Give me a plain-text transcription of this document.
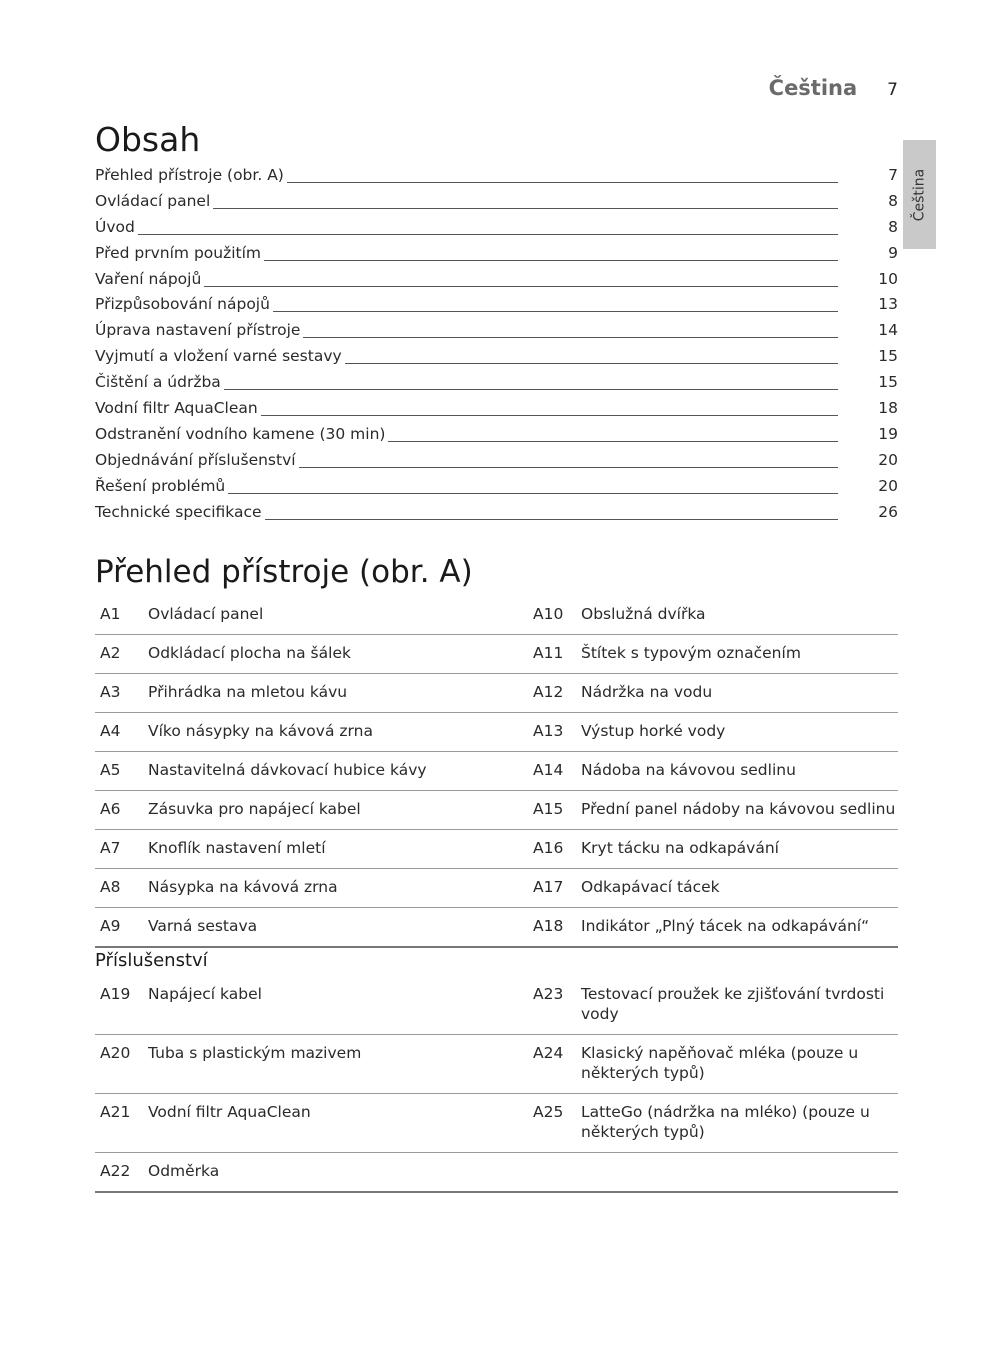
Čeština 7
Čeština
Obsah
Přehled přístroje (obr. A)	7
Ovládací panel	8
Úvod	8
Před prvním použitím	9
Vaření nápojů	10
Přizpůsobování nápojů	13
Úprava nastavení přístroje	14
Vyjmutí a vložení varné sestavy	15
Čištění a údržba	15
Vodní filtr AquaClean	18
Odstranění vodního kamene (30 min)	19
Objednávání příslušenství	20
Řešení problémů	20
Technické specifikace	26
Přehled přístroje (obr. A)
A1	Ovládací panel	A10	Obslužná dvířka
A2	Odkládací plocha na šálek	A11	Štítek s typovým označením
A3	Přihrádka na mletou kávu	A12	Nádržka na vodu
A4	Víko násypky na kávová zrna	A13	Výstup horké vody
A5	Nastavitelná dávkovací hubice kávy	A14	Nádoba na kávovou sedlinu
A6	Zásuvka pro napájecí kabel	A15	Přední panel nádoby na kávovou sedlinu
A7	Knoflík nastavení mletí	A16	Kryt tácku na odkapávání
A8	Násypka na kávová zrna	A17	Odkapávací tácek
A9	Varná sestava	A18	Indikátor „Plný tácek na odkapávání“
Příslušenství
A19	Napájecí kabel	A23	Testovací proužek ke zjišťování tvrdosti vody
A20	Tuba s plastickým mazivem	A24	Klasický napěňovač mléka (pouze u některých typů)
A21	Vodní filtr AquaClean	A25	LatteGo (nádržka na mléko) (pouze u některých typů)
A22	Odměrka		
